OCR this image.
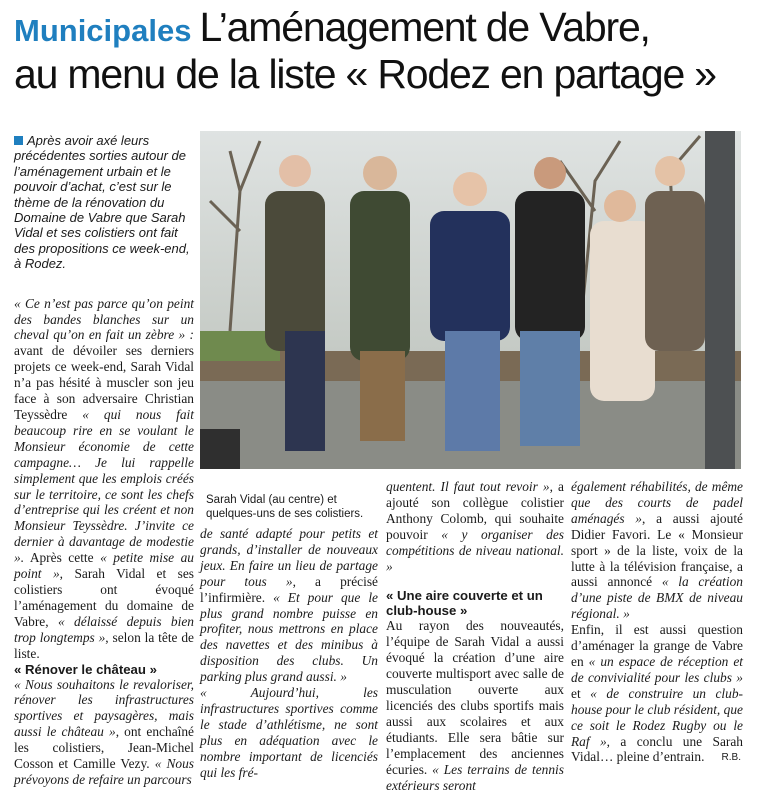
Municipales L’aménagement de Vabre,
au menu de la liste « Rodez en partage »

Après avoir axé leurs précédentes sorties autour de l’aménagement urbain et le pouvoir d’achat, c’est sur le thème de la rénovation du Domaine de Vabre que Sarah Vidal et ses colistiers ont fait des propositions ce week-end, à Rodez.

« Ce n’est pas parce qu’on peint des bandes blanches sur un cheval qu’on en fait un zèbre » : avant de dévoiler ses derniers projets ce week-end, Sarah Vidal n’a pas hésité à muscler son jeu face à son adversaire Christian Teyssèdre « qui nous fait beaucoup rire en se voulant le Monsieur économie de cette campagne… Je lui rappelle simplement que les emplois créés sur le territoire, ce sont les chefs d’entreprise qui les créent et non Monsieur Teyssèdre. J’invite ce dernier à davantage de modestie ». Après cette « petite mise au point », Sarah Vidal et ses colistiers ont évoqué l’aménagement du domaine de Vabre, « délaissé depuis bien trop longtemps », selon la tête de liste.

« Rénover le château »

« Nous souhaitons le revaloriser, rénover les infrastructures sportives et paysagères, mais aussi le château », ont enchaîné les colistiers, Jean-Michel Cosson et Camille Vezy. « Nous prévoyons de refaire un parcours

Sarah Vidal (au centre) et quelques-uns de ses colistiers.

de santé adapté pour petits et grands, d’installer de nouveaux jeux. En faire un lieu de partage pour tous », a précisé l’infirmière. « Et pour que le plus grand nombre puisse en profiter, nous mettrons en place des navettes et des minibus à disposition des clubs. Un parking plus grand aussi. »

« Aujourd’hui, les infrastructures sportives comme le stade d’athlétisme, ne sont plus en adéquation avec le nombre important de licenciés qui les fré-

quentent. Il faut tout revoir », a ajouté son collègue colistier Anthony Colomb, qui souhaite pouvoir « y organiser des compétitions de niveau national. »

« Une aire couverte et un club-house »

Au rayon des nouveautés, l’équipe de Sarah Vidal a aussi évoqué la création d’une aire couverte multisport avec salle de musculation ouverte aux licenciés des clubs sportifs mais aussi aux scolaires et aux étudiants. Elle sera bâtie sur l’emplacement des anciennes écuries. « Les terrains de tennis extérieurs seront

également réhabilités, de même que des courts de padel aménagés », a aussi ajouté Didier Favori. Le « Monsieur sport » de la liste, voix de la lutte à la télévision française, a aussi annoncé « la création d’une piste de BMX de niveau régional. »

Enfin, il est aussi question d’aménager la grange de Vabre en « un espace de réception et de convivialité pour les clubs » et « de construire un club-house pour le club résident, que ce soit le Rodez Rugby ou le Raf », a conclu une Sarah Vidal… pleine d’entrain.	R.B.
